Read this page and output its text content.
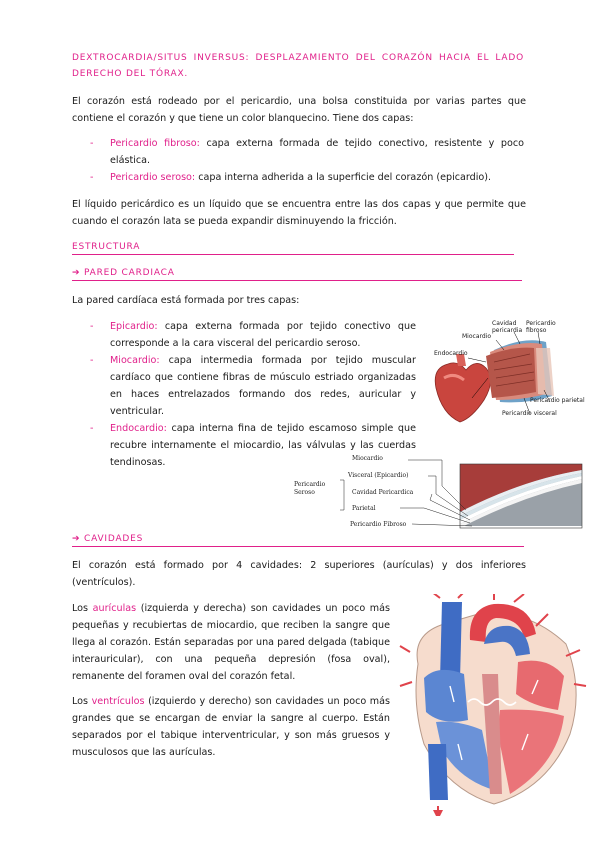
DEXTROCARDIA/SITUS INVERSUS: DESPLAZAMIENTO DEL CORAZÓN HACIA EL LADO DERECHO DEL TÓRAX.
El corazón está rodeado por el pericardio, una bolsa constituida por varias partes que contiene el corazón y que tiene un color blanquecino. Tiene dos capas:
- Pericardio fibroso: capa externa formada de tejido conectivo, resistente y poco elástica.
- Pericardio seroso: capa interna adherida a la superficie del corazón (epicardio).
El líquido pericárdico es un líquido que se encuentra entre las dos capas y que permite que cuando el corazón lata se pueda expandir disminuyendo la fricción.
ESTRUCTURA
➔ PARED CARDIACA
La pared cardíaca está formada por tres capas:
- Epicardio: capa externa formada por tejido conectivo que corresponde a la cara visceral del pericardio seroso.
- Miocardio: capa intermedia formada por tejido muscular cardíaco que contiene fibras de músculo estriado organizadas en haces entrelazados formando dos redes, auricular y ventricular.
- Endocardio: capa interna fina de tejido escamoso simple que recubre internamente el miocardio, las válvulas y las cuerdas tendinosas.
Cavidad pericardia
Pericardio fibroso
Miocardio
Endocardio
Pericardio parietal
Pericardio visceral
Pericardio Seroso
Miocardio
Visceral (Epicardio)
Cavidad Pericardica
Parietal
Pericardio Fibroso
➔ CAVIDADES
El corazón está formado por 4 cavidades: 2 superiores (aurículas) y dos inferiores (ventrículos).
Los aurículas (izquierda y derecha) son cavidades un poco más pequeñas y recubiertas de miocardio, que reciben la sangre que llega al corazón. Están separadas por una pared delgada (tabique interauricular), con una pequeña depresión (fosa oval), remanente del foramen oval del corazón fetal.
Los ventrículos (izquierdo y derecho) son cavidades un poco más grandes que se encargan de enviar la sangre al cuerpo. Están separados por el tabique interventricular, y son más gruesos y musculosos que las aurículas.
